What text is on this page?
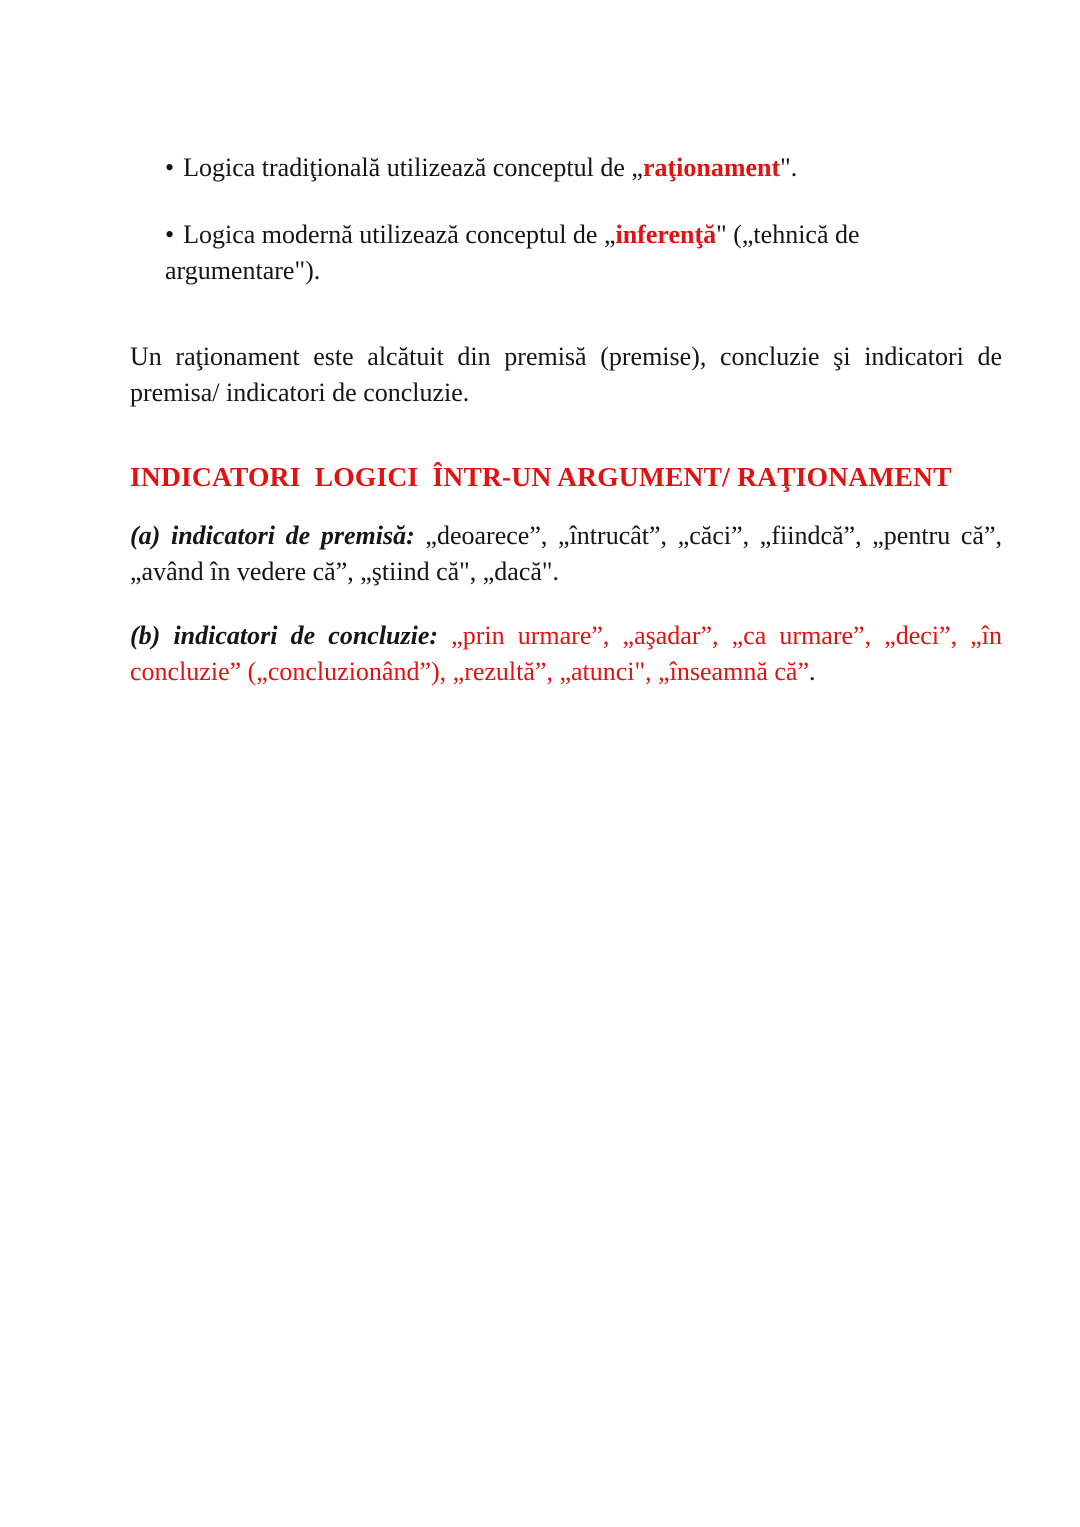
• Logica tradiţională utilizează conceptul de „raţionament".
• Logica modernă utilizează conceptul de „inferenţă" („tehnică de argumentare").
Un raţionament este alcătuit din premisă (premise), concluzie şi indicatori de premisa/ indicatori de concluzie.
INDICATORI  LOGICI  ÎNTR-UN ARGUMENT/ RAŢIONAMENT
(a) indicatori de premisă: „deoarece”, „întrucât”, „căci”, „fiindcă”, „pentru că”, „având în vedere că”, „ştiind că", „dacă".
(b) indicatori de concluzie: „prin urmare”, „aşadar”, „ca urmare”, „deci”, „în concluzie” („concluzionând”), „rezultă”, „atunci", „înseamnă că”.
